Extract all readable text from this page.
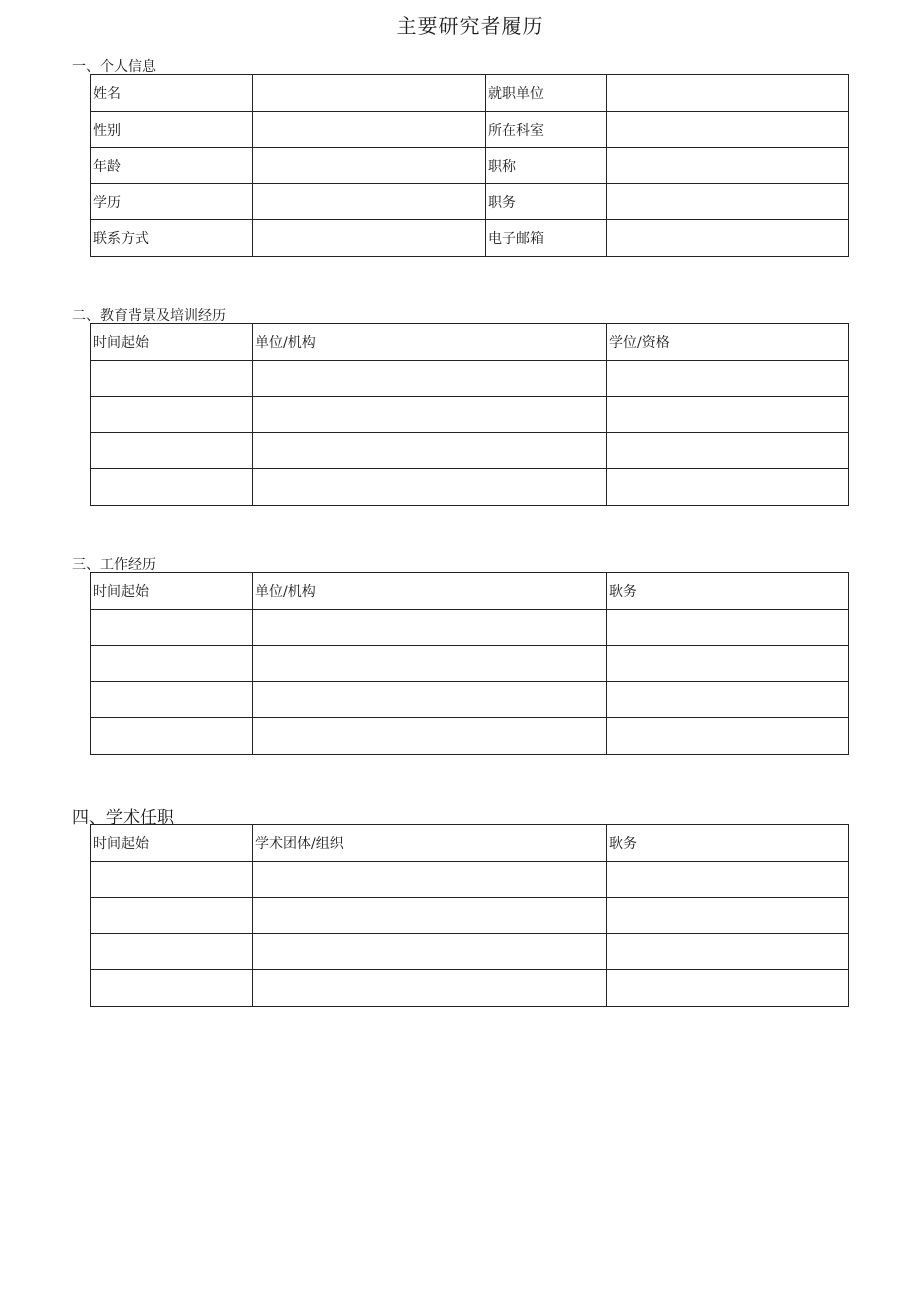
主要研究者履历
一、个人信息
姓名		就职单位	
性别		所在科室	
年龄		职称	
学历		职务	
联系方式		电子邮箱	
二、教育背景及培训经历
时间起始	单位/机构	学位/资格

三、工作经历
时间起始	单位/机构	耿务

四、学术任职
时间起始	学术团体/组织	耿务
